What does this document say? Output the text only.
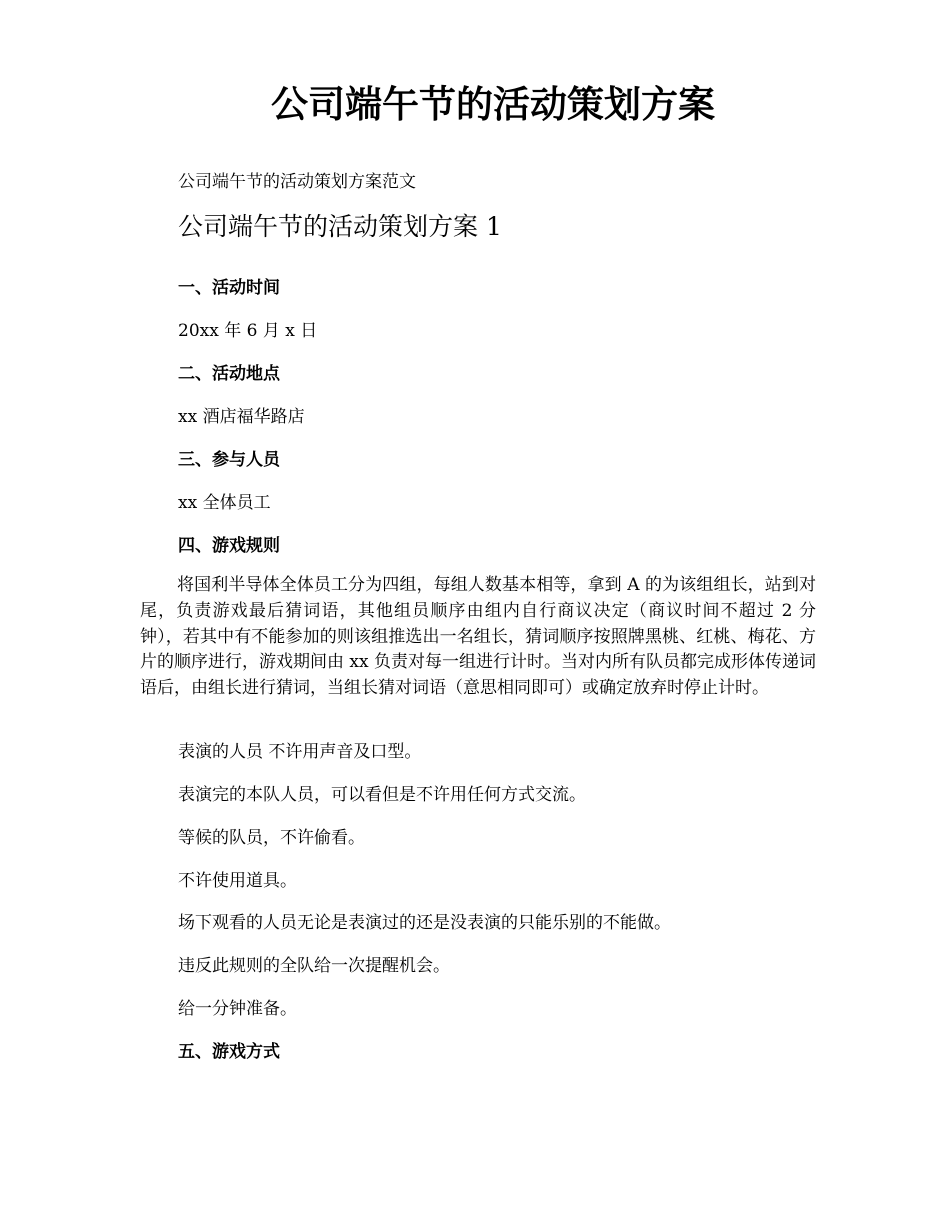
公司端午节的活动策划方案
公司端午节的活动策划方案范文
公司端午节的活动策划方案 1
一、活动时间
20xx 年 6 月 x 日
二、活动地点
xx 酒店福华路店
三、参与人员
xx 全体员工
四、游戏规则
将国利半导体全体员工分为四组，每组人数基本相等，拿到 A 的为该组组长，站到对尾，负责游戏最后猜词语，其他组员顺序由组内自行商议决定（商议时间不超过 2 分钟），若其中有不能参加的则该组推选出一名组长，猜词顺序按照牌黑桃、红桃、梅花、方片的顺序进行，游戏期间由 xx 负责对每一组进行计时。当对内所有队员都完成形体传递词语后，由组长进行猜词，当组长猜对词语（意思相同即可）或确定放弃时停止计时。
表演的人员 不许用声音及口型。
表演完的本队人员，可以看但是不许用任何方式交流。
等候的队员，不许偷看。
不许使用道具。
场下观看的人员无论是表演过的还是没表演的只能乐别的不能做。
违反此规则的全队给一次提醒机会。
给一分钟准备。
五、游戏方式
